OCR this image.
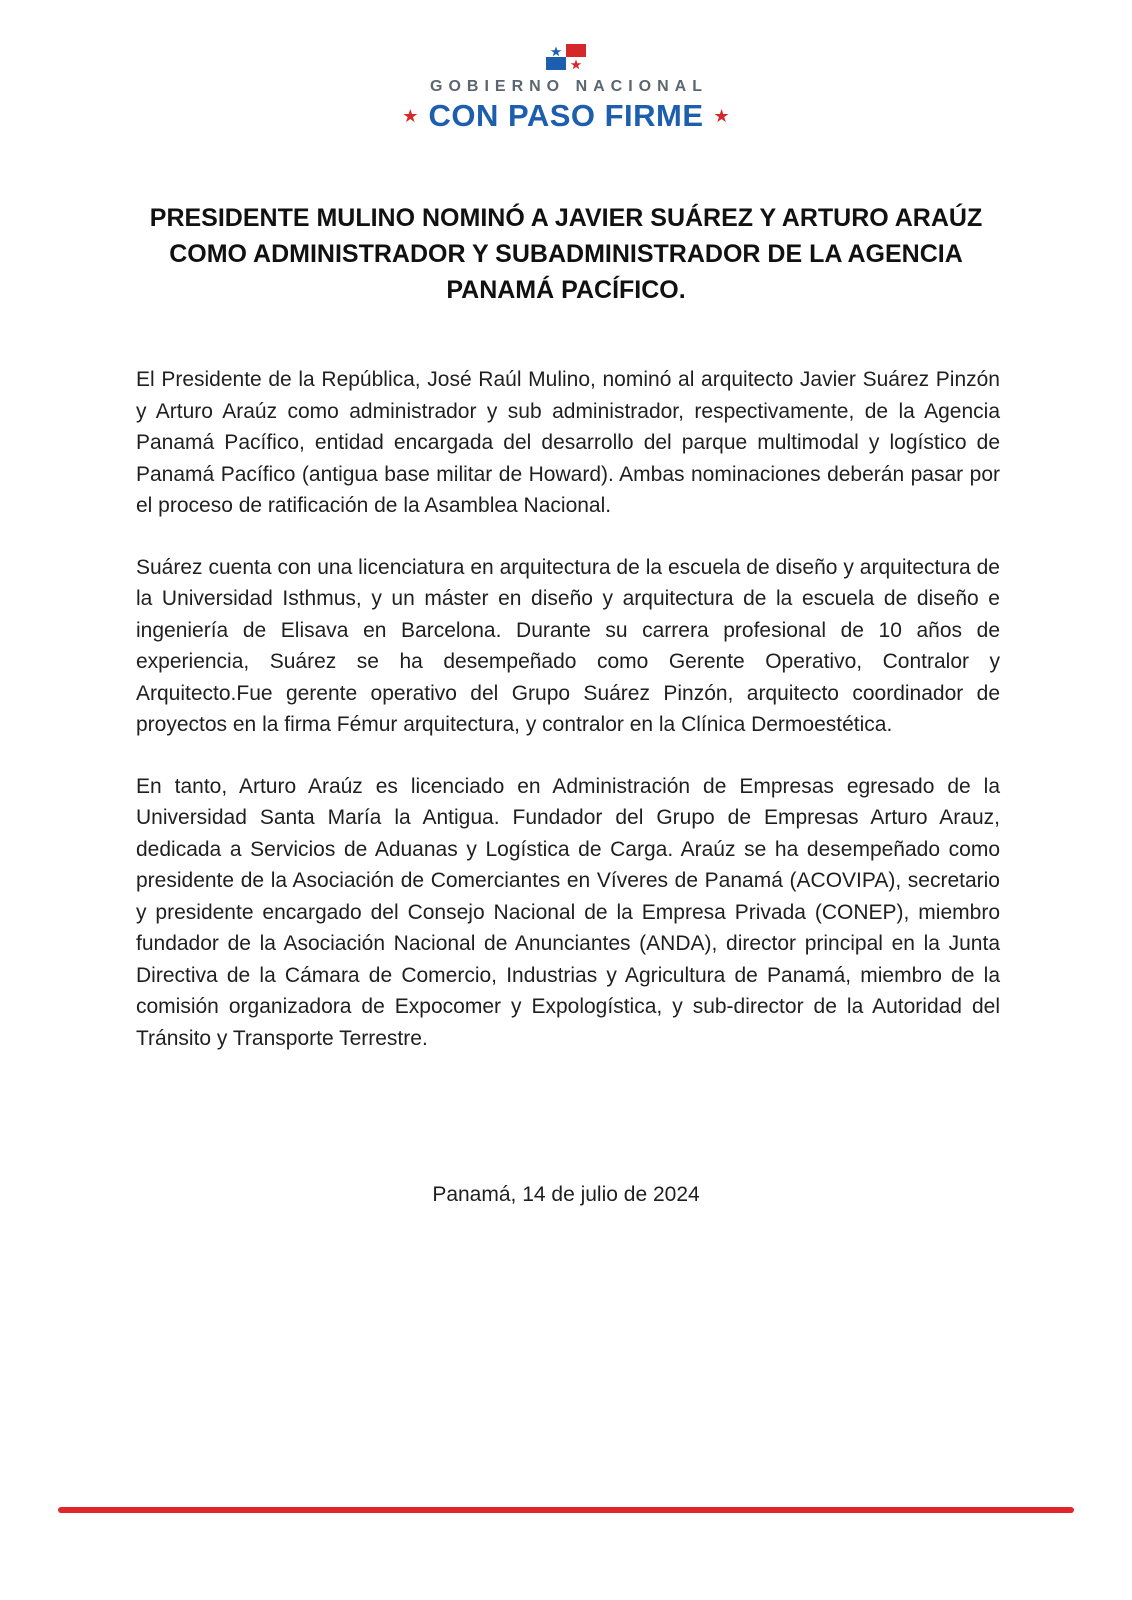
GOBIERNO NACIONAL
★ CON PASO FIRME ★
PRESIDENTE MULINO NOMINÓ A JAVIER SUÁREZ Y ARTURO ARAÚZ COMO ADMINISTRADOR Y SUBADMINISTRADOR DE LA AGENCIA PANAMÁ PACÍFICO.

El Presidente de la República, José Raúl Mulino, nominó al arquitecto Javier Suárez Pinzón y Arturo Araúz como administrador y sub administrador, respectivamente, de la Agencia Panamá Pacífico, entidad encargada del desarrollo del parque multimodal y logístico de Panamá Pacífico (antigua base militar de Howard). Ambas nominaciones deberán pasar por el proceso de ratificación de la Asamblea Nacional.

Suárez cuenta con una licenciatura en arquitectura de la escuela de diseño y arquitectura de la Universidad Isthmus, y un máster en diseño y arquitectura de la escuela de diseño e ingeniería de Elisava en Barcelona. Durante su carrera profesional de 10 años de experiencia, Suárez se ha desempeñado como Gerente Operativo, Contralor y Arquitecto.Fue gerente operativo del Grupo Suárez Pinzón, arquitecto coordinador de proyectos en la firma Fémur arquitectura, y contralor en la Clínica Dermoestética.

En tanto, Arturo Araúz es licenciado en Administración de Empresas egresado de la Universidad Santa María la Antigua. Fundador del Grupo de Empresas Arturo Arauz, dedicada a Servicios de Aduanas y Logística de Carga. Araúz se ha desempeñado como presidente de la Asociación de Comerciantes en Víveres de Panamá (ACOVIPA), secretario y presidente encargado del Consejo Nacional de la Empresa Privada (CONEP), miembro fundador de la Asociación Nacional de Anunciantes (ANDA), director principal en la Junta Directiva de la Cámara de Comercio, Industrias y Agricultura de Panamá, miembro de la comisión organizadora de Expocomer y Expologística, y sub-director de la Autoridad del Tránsito y Transporte Terrestre.

Panamá, 14 de julio de 2024
